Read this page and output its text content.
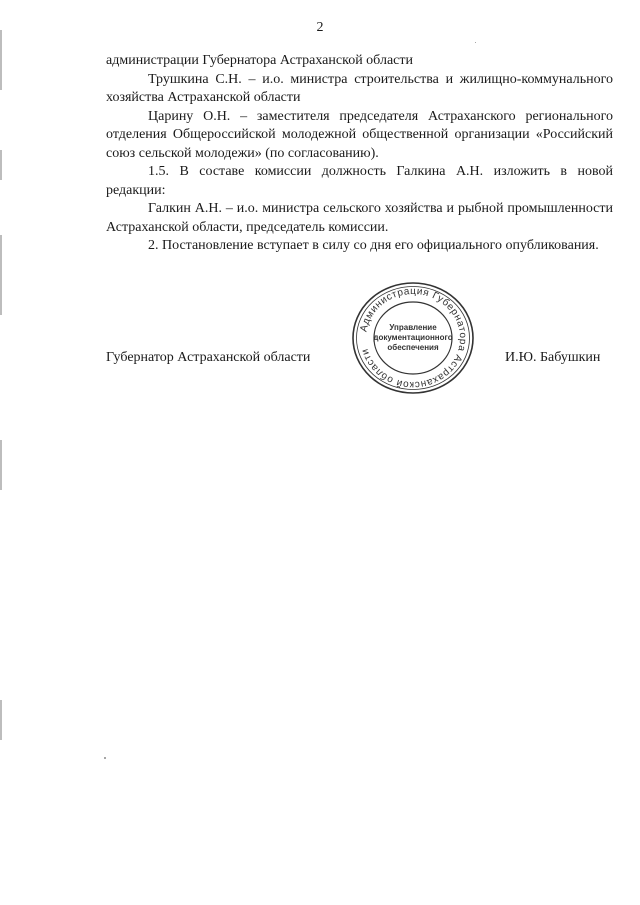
2

администрации Губернатора Астраханской области

Трушкина С.Н. – и.о. министра строительства и жилищно-коммунального хозяйства Астраханской области

Царину О.Н. – заместителя председателя Астраханского регионального отделения Общероссийской молодежной общественной организации «Российский союз сельской молодежи» (по согласованию).

1.5. В составе комиссии должность Галкина А.Н. изложить в новой редакции:

Галкин А.Н. – и.о. министра сельского хозяйства и рыбной промышленности Астраханской области, председатель комиссии.

2. Постановление вступает в силу со дня его официального опубликования.

Губернатор Астраханской области
Администрация Губернатора Астраханской области
Управление
документационного
обеспечения
И.Ю. Бабушкин
